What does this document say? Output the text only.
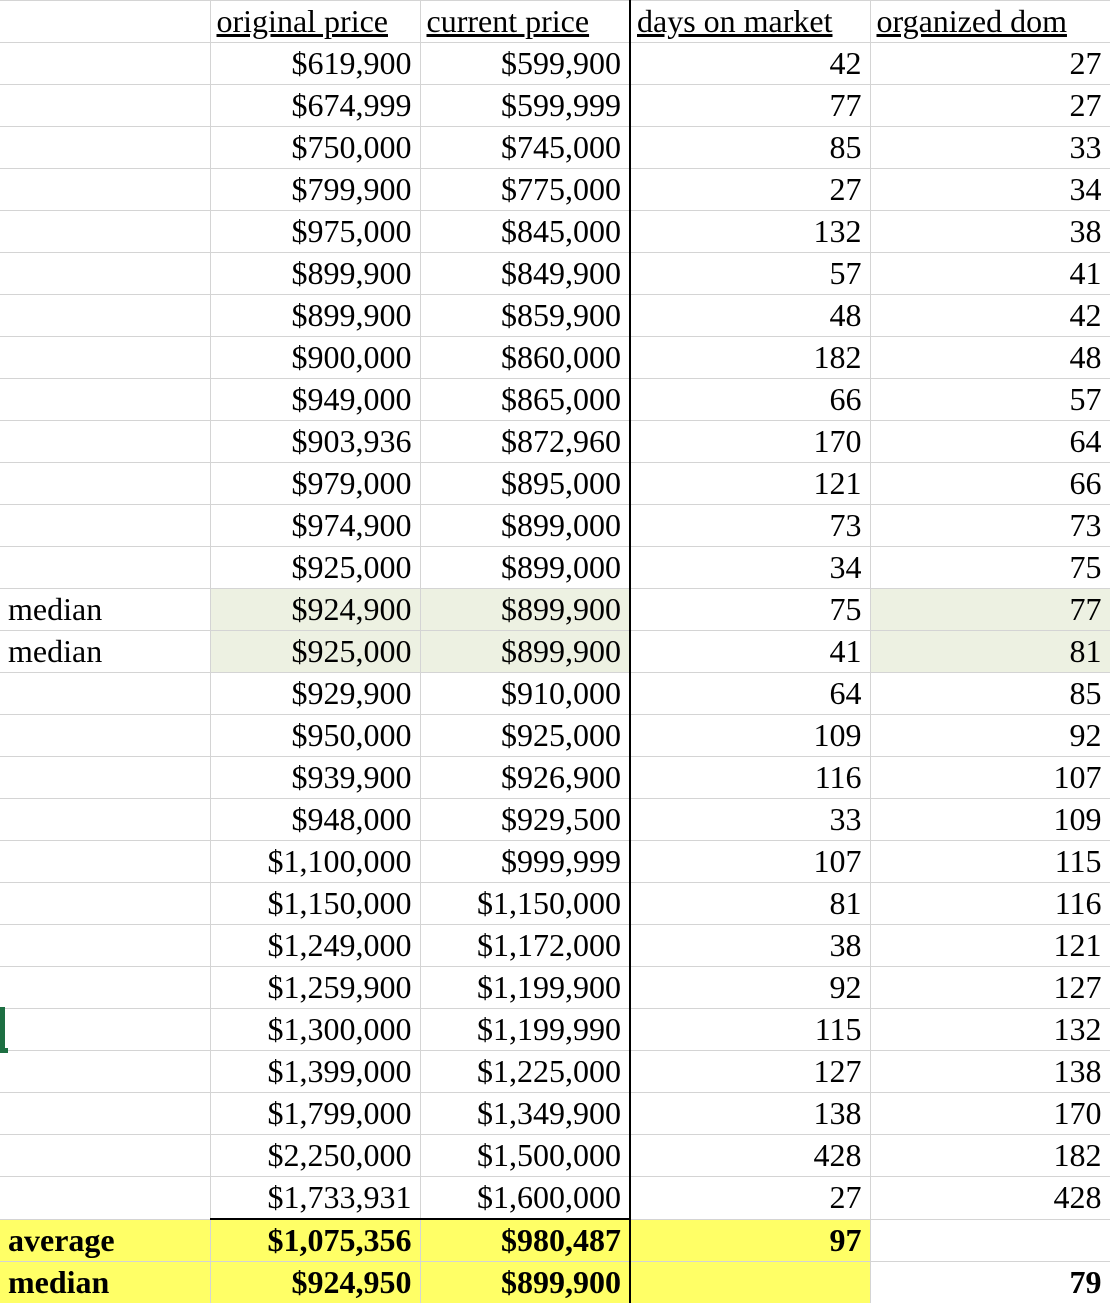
	original price	current price	days on market	organized dom
	$619,900	$599,900	42	27
	$674,999	$599,999	77	27
	$750,000	$745,000	85	33
	$799,900	$775,000	27	34
	$975,000	$845,000	132	38
	$899,900	$849,900	57	41
	$899,900	$859,900	48	42
	$900,000	$860,000	182	48
	$949,000	$865,000	66	57
	$903,936	$872,960	170	64
	$979,000	$895,000	121	66
	$974,900	$899,000	73	73
	$925,000	$899,000	34	75
median	$924,900	$899,900	75	77
median	$925,000	$899,900	41	81
	$929,900	$910,000	64	85
	$950,000	$925,000	109	92
	$939,900	$926,900	116	107
	$948,000	$929,500	33	109
	$1,100,000	$999,999	107	115
	$1,150,000	$1,150,000	81	116
	$1,249,000	$1,172,000	38	121
	$1,259,900	$1,199,900	92	127
	$1,300,000	$1,199,990	115	132
	$1,399,000	$1,225,000	127	138
	$1,799,000	$1,349,900	138	170
	$2,250,000	$1,500,000	428	182
	$1,733,931	$1,600,000	27	428
average	$1,075,356	$980,487	97	
median	$924,950	$899,900		79
